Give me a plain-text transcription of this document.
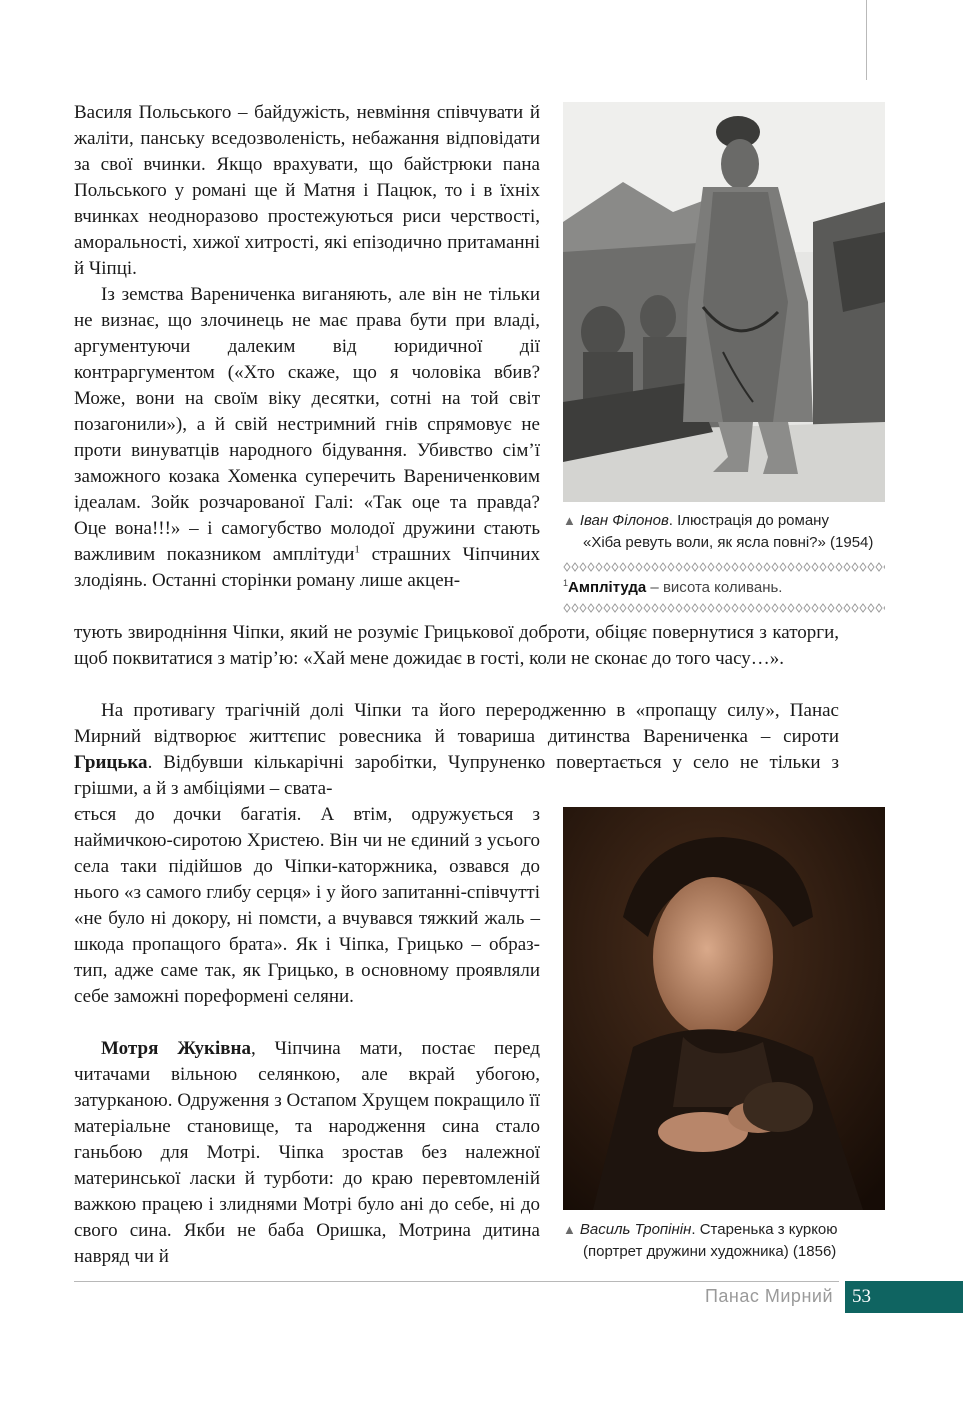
Василя Польського – байдужість, невміння співчувати й жаліти, панську вседозволеність, небажання відповідати за свої вчинки. Якщо врахувати, що байстрюки пана Польського у романі ще й Матня і Пацюк, то і в їхніх вчинках неодноразово простежуються риси черствості, аморальності, хижої хитрості, які епізодично притаманні й Чіпці.

Із земства Варениченка виганяють, але він не тільки не визнає, що злочинець не має права бути при владі, аргументуючи далеким від юридичної дії контраргументом («Хто скаже, що я чоловіка вбив? Може, вони на своїм віку десятки, сотні на той світ позагонили»), а й свій нестримний гнів спрямовує не проти винуватців народного бідування. Убивство сім’ї заможного козака Хоменка суперечить Варениченковим ідеалам. Зойк розчарованої Галі: «Так оце та правда? Оце вона!!!» – і самогубство молодої дружини стають важливим показником амплітуди$^1$ страшних Чіпчиних злодіянь. Останні сторінки роману лише акцен-

тують звиродніння Чіпки, який не розуміє Грицькової доброти, обіцяє повернутися з каторги, щоб поквитатися з матір’ю: «Хай мене дожидає в гості, коли не сконає до того часу…».

На противагу трагічній долі Чіпки та його переродженню в «пропащу силу», Панас Мирний відтворює життєпис ровесника й товариша дитинства Варениченка – сироти Грицька. Відбувши кількарічні заробітки, Чупруненко повертається у село не тільки з грішми, а й з амбіціями – свата-

ється до дочки багатія. А втім, одружується з наймичкою-сиротою Христею. Він чи не єдиний з усього села таки підійшов до Чіпки-каторжника, озвався до нього «з самого глибу серця» і у його запитанні-співчутті «не було ні докору, ні помсти, а вчувався тяжкий жаль – шкода пропащого брата». Як і Чіпка, Грицько – образ-тип, адже саме так, як Грицько, в основному проявляли себе заможні пореформені селяни.

Мотря Жуківна, Чіпчина мати, постає перед читачами вільною селянкою, але вкрай убогою, затурканою. Одруження з Остапом Хрущем покращило її матеріальне становище, та народження сина стало ганьбою для Мотрі. Чіпка зростав без належної материнської ласки й турботи: до краю перевтомленій важкою працею і злиднями Мотрі було ані до себе, ні до свого сина. Якби не баба Оришка, Мотрина дитина навряд чи й

▲ Іван Філонов. Ілюстрація до роману
«Хіба ревуть воли, як ясла повні?» (1954)
$^1$Амплітуда – висота коливань.
▲ Василь Тропінін. Старенька з куркою
(портрет дружини художника) (1856)
Панас Мирний	53
